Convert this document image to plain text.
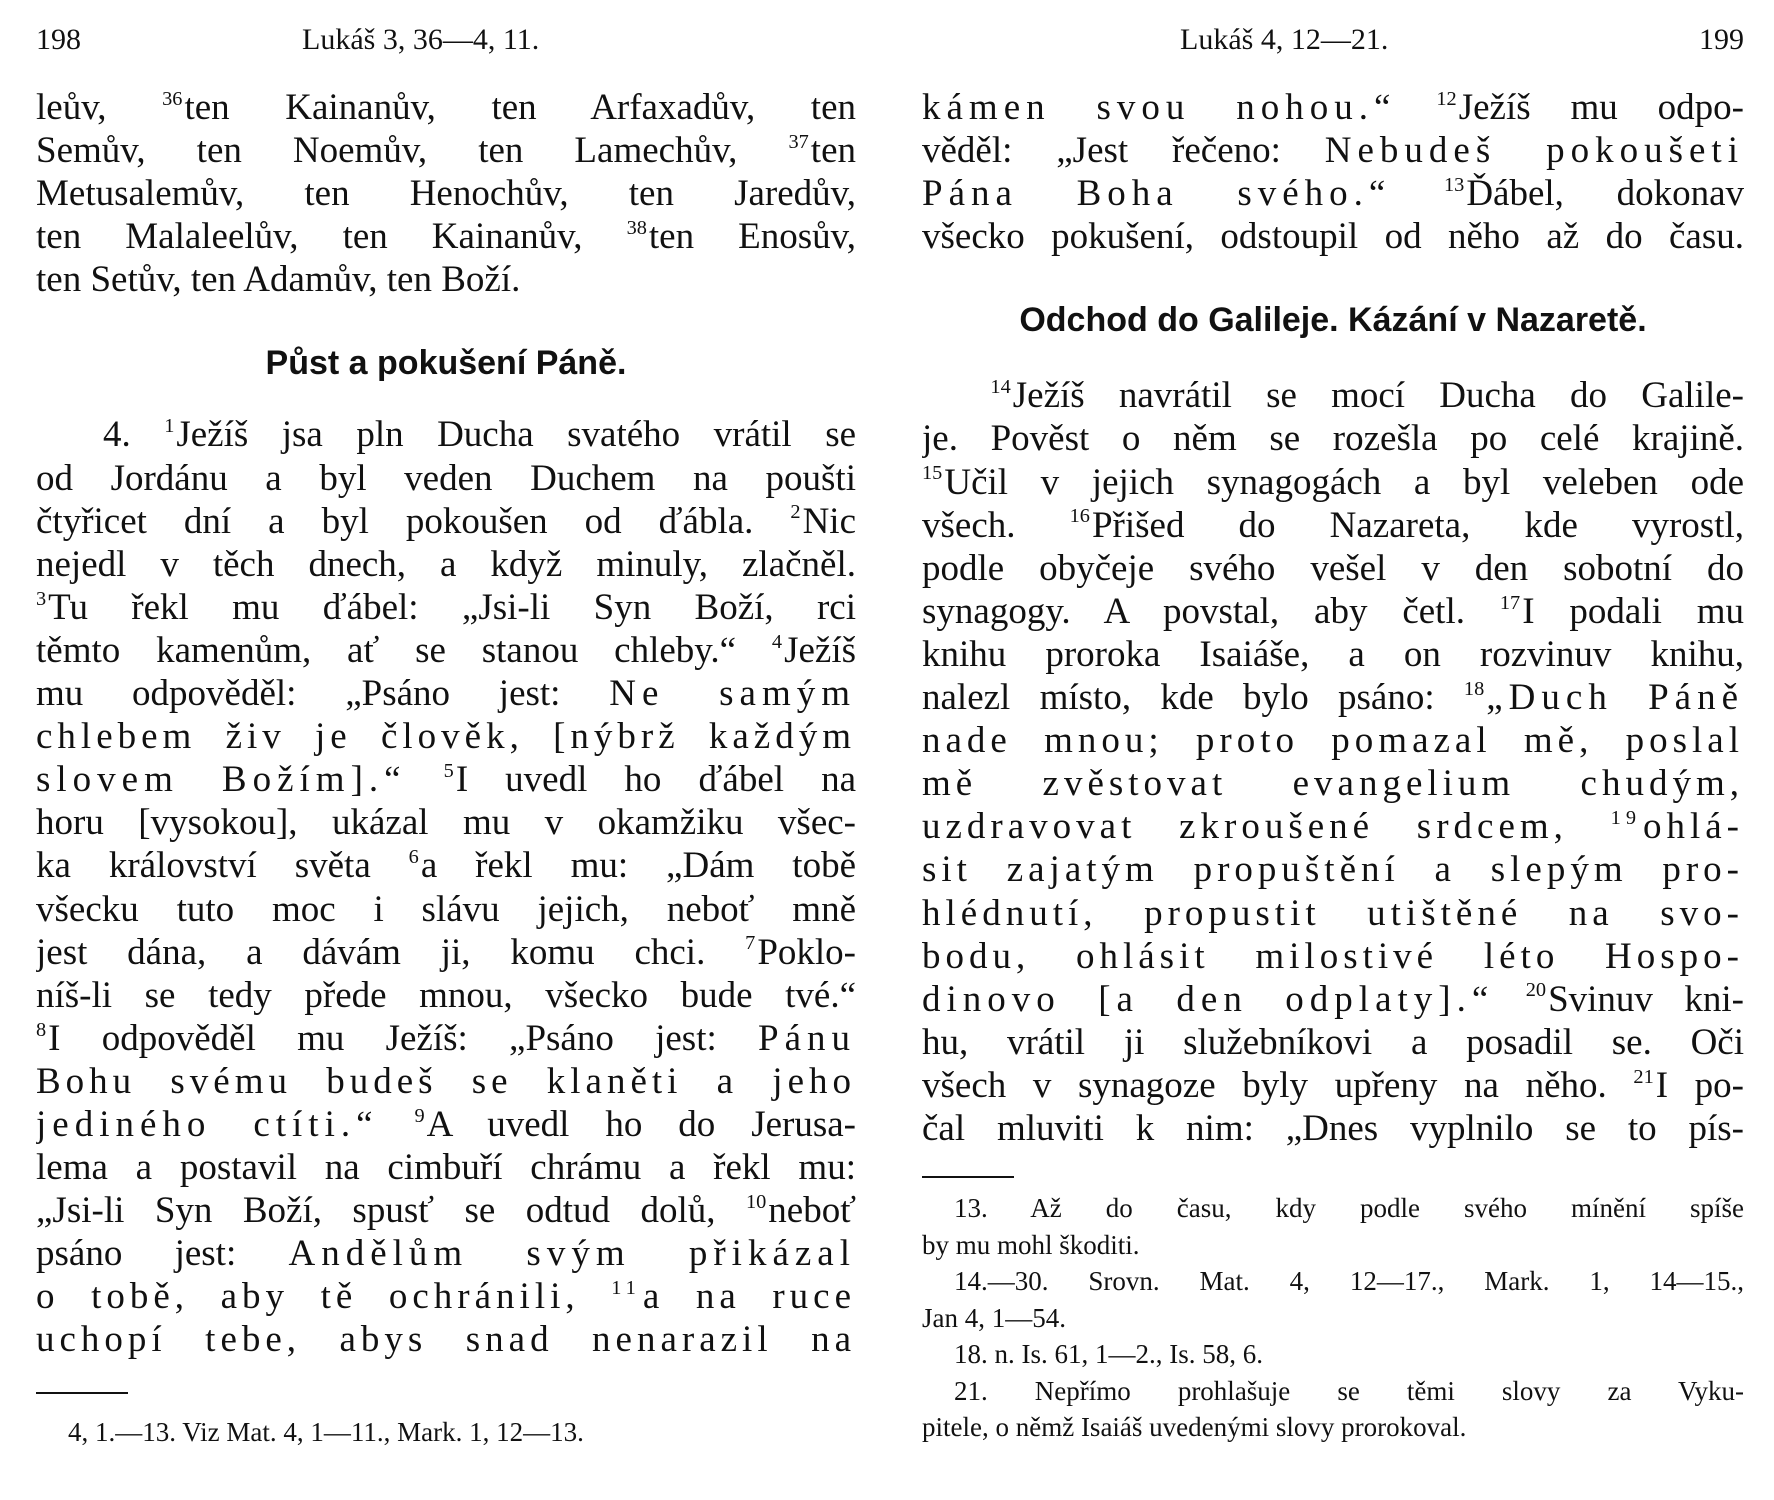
198	Lukáš 3, 36—4, 11.
leův,	$^{36}$ten Kainanův, ten Arfaxadův, ten
Semův, ten Noemův, ten Lamechův,	$^{37}$ten
Metusalemův, ten Henochův, ten Jaredův,
ten Malaleelův, ten Kainanův, $^{38}$ten Enosův,
ten Setův, ten Adamův, ten Boží.
Půst a pokušení Páně.
4. $^1$Ježíš jsa pln Ducha svatého vrátil se
od Jordánu a byl veden Duchem na poušti
čtyřicet dní a byl pokoušen od ďábla. $^2$Nic
nejedl v těch dnech, a když minuly, zlačněl.
$^3$Tu řekl mu ďábel: „Jsi-li Syn Boží, rci
těmto kamenům, ať se stanou chleby.“ $^4$Ježíš
mu odpověděl: „Psáno jest: Ne samým
chlebem živ je člověk, [nýbrž každým
slovem Božím].“ $^5$I uvedl ho ďábel na
horu [vysokou], ukázal mu v okamžiku všec-
ka království světa $^6$a řekl mu: „Dám tobě
všecku tuto moc i slávu jejich, neboť mně
jest dána, a dávám ji, komu chci. $^7$Poklo-
níš-li se tedy přede mnou, všecko bude tvé.“
$^8$I odpověděl mu Ježíš: „Psáno jest: Pánu
Bohu svému budeš se klaněti a jeho
jediného ctíti.“ $^9$A uvedl ho do Jerusa-
lema a postavil na cimbuří chrámu a řekl mu:
„Jsi-li Syn Boží, spusť se odtud dolů, $^{10}$neboť
psáno jest: Andělům svým přikázal
o tobě, aby tě ochránili, $^{11}$a na ruce
uchopí tebe, abys snad nenarazil na
4, 1.—13. Viz Mat. 4, 1—11., Mark. 1, 12—13.
Lukáš 4, 12—21.	199
kámen svou nohou.“ $^{12}$Ježíš mu odpo-
věděl: „Jest řečeno: Nebudeš pokoušeti
Pána Boha svého.“	$^{13}$Ďábel, dokonav
všecko pokušení, odstoupil od něho až do času.
Odchod do Galileje. Kázání v Nazaretě.
$^{14}$Ježíš navrátil se mocí Ducha do Galile-
je. Pověst o něm se rozešla po celé krajině.
$^{15}$Učil v jejich synagogách a byl veleben ode
všech.	$^{16}$Přišed do Nazareta, kde vyrostl,
podle obyčeje svého vešel v den sobotní do
synagogy. A povstal, aby četl. $^{17}$I podali mu
knihu proroka Isaiáše, a on rozvinuv knihu,
nalezl místo, kde bylo psáno: $^{18}$„Duch Páně
nade mnou; proto pomazal mě, poslal
mě zvěstovat evangelium chudým,
uzdravovat zkroušené srdcem, $^{19}$ohlá-
sit zajatým propuštění a slepým pro-
hlédnutí, propustit utištěné na svo-
bodu, ohlásit milostivé léto Hospo-
dinovo [a den odplaty].“ $^{20}$Svinuv kni-
hu, vrátil ji služebníkovi a posadil se. Oči
všech v synagoze byly upřeny na něho. $^{21}$I po-
čal mluviti k nim: „Dnes vyplnilo se to pís-
13. Až do času, kdy podle svého mínění spíše
by mu mohl škoditi.
14.—30. Srovn. Mat. 4, 12—17., Mark. 1, 14—15.,
Jan 4, 1—54.
18. n. Is. 61, 1—2., Is. 58, 6.
21. Nepřímo prohlašuje se těmi slovy za Vyku-
pitele, o němž Isaiáš uvedenými slovy prorokoval.
